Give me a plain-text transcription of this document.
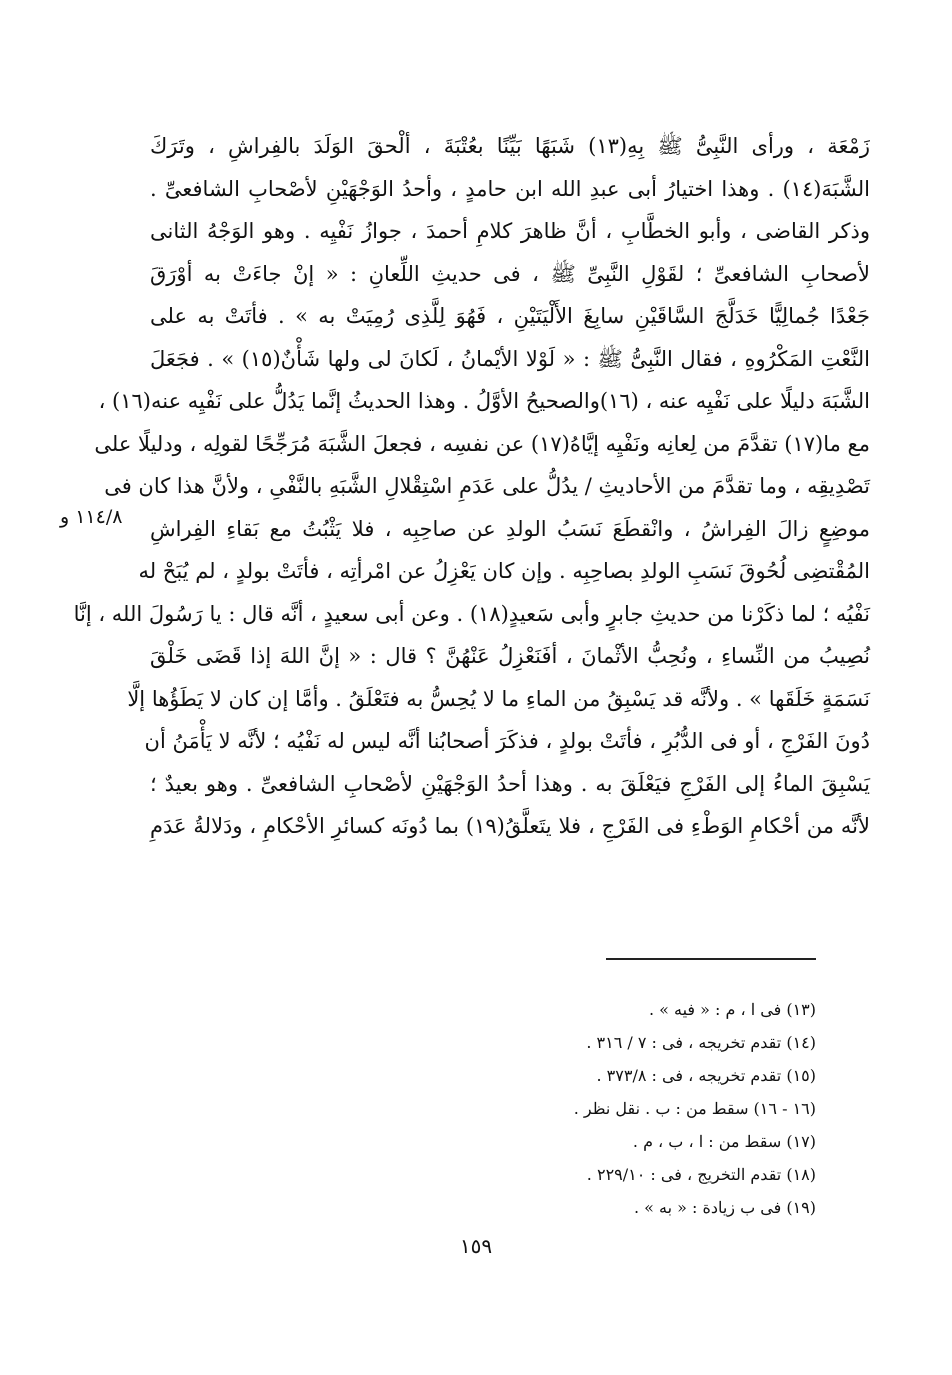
زَمْعَة ، ورأى النَّبِىُّ ﷺ بِهِ(١٣) شَبَهًا بَيِّنًا بعُتْبَةَ ، ألْحقَ الوَلَدَ بالفِراشِ ، وتَرَكَ
الشَّبَهَ(١٤) . وهذا اختيارُ أبى عبدِ الله ابن حامدٍ ، وأحدُ الوَجْهَيْنِ لأصْحابِ الشافعىِّ .
وذكر القاضى ، وأبو الخطَّابِ ، أنَّ ظاهرَ كلامِ أحمدَ ، جوازُ نَفْيِه . وهو الوَجْهُ الثانى
لأصحابِ الشافعىِّ ؛ لقَوْلِ النَّبِىِّ ﷺ ، فى حديثِ اللِّعانِ : « إنْ جاءَتْ به أوْرَقَ
جَعْدًا جُمالِيًّا خَدَلَّجَ السَّاقَيْنِ سابِغَ الأَلْيَتَيْنِ ، فَهُوَ لِلَّذِى رُمِيَتْ به » . فأتَتْ به على
النَّعْتِ المَكْرُوهِ ، فقال النَّبِىُّ ﷺ : « لَوْلا الأيْمانُ ، لَكانَ لى ولها شَأْنٌ(١٥) » . فجَعَلَ
الشَّبَهَ دليلًا على نَفْيِه عنه ، (١٦)والصحيحُ الأوَّلُ . وهذا الحديثُ إنَّما يَدُلُّ على نَفْيِه عنه(١٦) ،
مع ما(١٧) تقدَّمَ من لِعانِه ونَفْيِه إيَّاهُ(١٧) عن نفسِه ، فجعلَ الشَّبَهَ مُرَجِّحًا لقولِه ، ودليلًا على
تَصْدِيقِه ، وما تقدَّمَ من الأحاديثِ / يدُلُّ على عَدَمِ اسْتِقْلالِ الشَّبَهِ بالنَّفْىِ ، ولأنَّ هذا كان فى
موضِعٍ زالَ الفِراشُ ، وانْقطَعَ نَسَبُ الولدِ عن صاحِبِه ، فلا يَثْبُتُ مع بَقاءِ الفِراشِ
المُقْتضِى لُحُوقَ نَسَبِ الولدِ بصاحِبِه . وإن كان يَعْزِلُ عن امْرأتِه ، فأتَتْ بولدٍ ، لم يُبَحْ له
نَفْيُه ؛ لما ذكَرْنا من حديثِ جابرٍ وأبى سَعيدٍ(١٨) . وعن أبى سعيدٍ ، أنَّه قال : يا رَسُولَ الله ، إنَّا
نُصِيبُ من النِّساءِ ، ونُحِبُّ الأثْمانَ ، أفَنَعْزِلُ عَنْهُنَّ ؟ قال : « إنَّ اللهَ إذا قَضَى خَلْقَ
نَسَمَةٍ خَلَقَها » . ولأنَّه قد يَسْبِقُ من الماءِ ما لا يُحِسُّ به فتَعْلَقُ . وأمَّا إن كان لا يَطَؤُها إلَّا
دُونَ الفَرْجِ ، أو فى الدُّبُرِ ، فأتَتْ بولدٍ ، فذكَرَ أصحابُنا أنَّه ليس له نَفْيُه ؛ لأنَّه لا يَأْمَنُ أن
يَسْبِقَ الماءُ إلى الفَرْجِ فيَعْلَقَ به . وهذا أحدُ الوَجْهَيْنِ لأصْحابِ الشافعىِّ . وهو بعيدٌ ؛
لأنَّه من أحْكامِ الوَطْءِ فى الفَرْجِ ، فلا يتَعلَّقُ(١٩) بما دُونَه كسائرِ الأحْكامِ ، ودَلالةُ عَدَمِ
١١٤/٨ و
(١٣) فى ا ، م : « فيه » .
(١٤) تقدم تخريجه ، فى : ٧ / ٣١٦ .
(١٥) تقدم تخريجه ، فى : ٣٧٣/٨ .
(١٦ - ١٦) سقط من : ب . نقل نظر .
(١٧) سقط من : ا ، ب ، م .
(١٨) تقدم التخريج ، فى : ٢٢٩/١٠ .
(١٩) فى ب زيادة : « به » .
١٥٩
